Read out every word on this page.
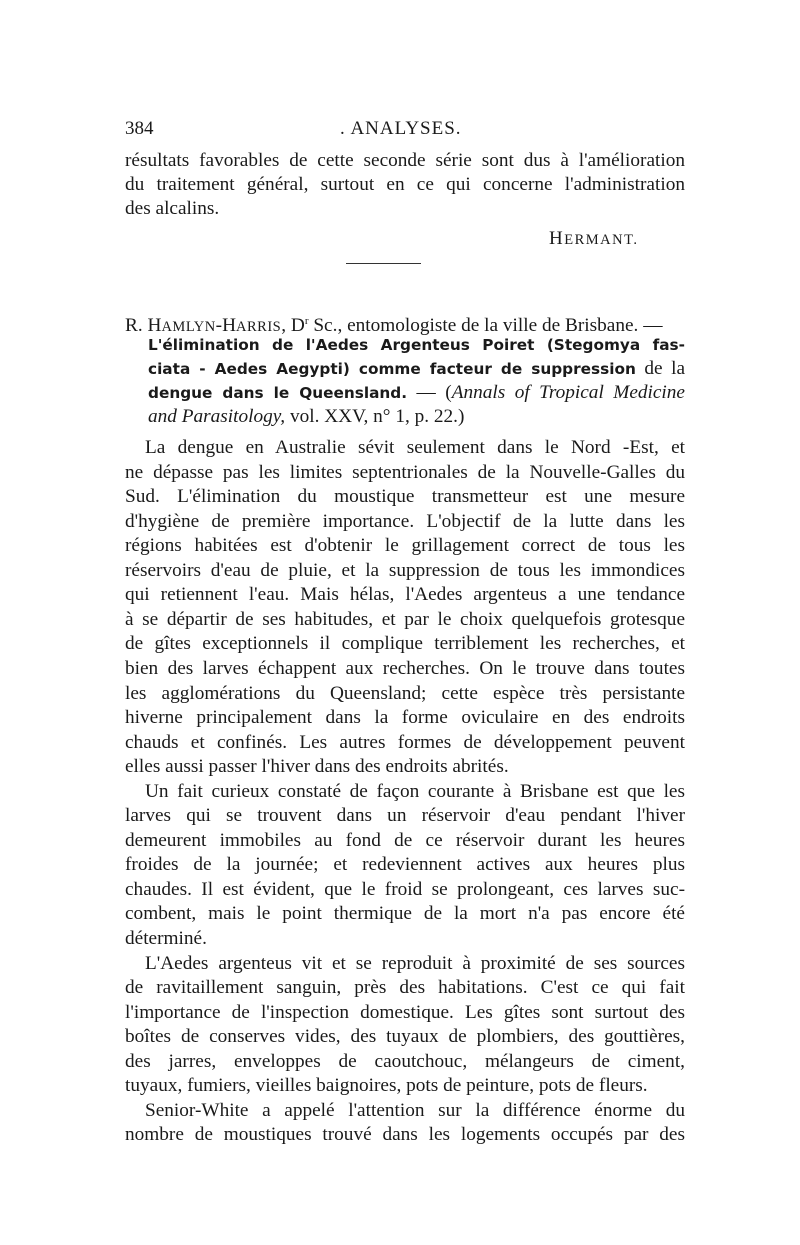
384	. ANALYSES.
résultats favorables de cette seconde série sont dus à l'amélioration
du traitement général, surtout en ce qui concerne l'administration
des alcalins.
HERMANT.
R. HAMLYN-HARRIS, $D^r$ Sc., entomologiste de la ville de Brisbane. —
L'élimination de l'Aedes Argenteus Poiret (Stegomya fas-
ciata - Aedes Aegypti) comme facteur de suppression de la
dengue dans le Queensland. — (Annals of Tropical Medicine
and Parasitology, vol. XXV, n° 1, p. 22.)
La dengue en Australie sévit seulement dans le Nord -Est, et
ne dépasse pas les limites septentrionales de la Nouvelle-Galles du
Sud. L'élimination du moustique transmetteur est une mesure
d'hygiène de première importance. L'objectif de la lutte dans les
régions habitées est d'obtenir le grillagement correct de tous les
réservoirs d'eau de pluie, et la suppression de tous les immondices
qui retiennent l'eau. Mais hélas, l'Aedes argenteus a une tendance
à se départir de ses habitudes, et par le choix quelquefois grotesque
de gîtes exceptionnels il complique terriblement les recherches, et
bien des larves échappent aux recherches. On le trouve dans toutes
les agglomérations du Queensland; cette espèce très persistante
hiverne principalement dans la forme oviculaire en des endroits
chauds et confinés. Les autres formes de développement peuvent
elles aussi passer l'hiver dans des endroits abrités.
Un fait curieux constaté de façon courante à Brisbane est que les
larves qui se trouvent dans un réservoir d'eau pendant l'hiver
demeurent immobiles au fond de ce réservoir durant les heures
froides de la journée; et redeviennent actives aux heures plus
chaudes. Il est évident, que le froid se prolongeant, ces larves suc-
combent, mais le point thermique de la mort n'a pas encore été
déterminé.
L'Aedes argenteus vit et se reproduit à proximité de ses sources
de ravitaillement sanguin, près des habitations. C'est ce qui fait
l'importance de l'inspection domestique. Les gîtes sont surtout des
boîtes de conserves vides, des tuyaux de plombiers, des gouttières,
des jarres, enveloppes de caoutchouc, mélangeurs de ciment,
tuyaux, fumiers, vieilles baignoires, pots de peinture, pots de fleurs.
Senior-White a appelé l'attention sur la différence énorme du
nombre de moustiques trouvé dans les logements occupés par des
